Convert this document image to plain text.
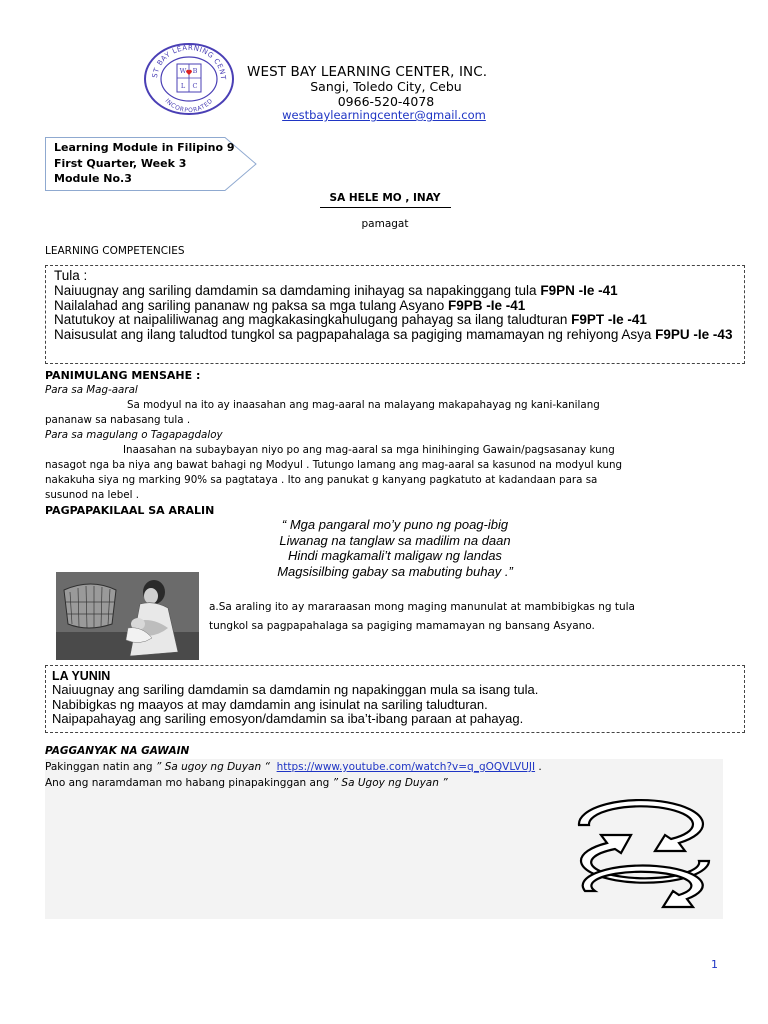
ST BAY LEARNING CENT
INCORPORATED
W B
L C
WEST BAY LEARNING CENTER, INC.
Sangi, Toledo City, Cebu
0966-520-4078
westbaylearningcenter@gmail.com
Learning Module in Filipino 9
First Quarter, Week 3
Module No.3
SA HELE MO , INAY
pamagat
LEARNING COMPETENCIES
Tula :
Naiuugnay ang sariling damdamin sa damdaming inihayag sa napakinggang tula F9PN -Ie -41
Nailalahad ang sariling pananaw ng paksa sa mga tulang Asyano F9PB -Ie -41
Natutukoy at naipaliliwanag ang magkakasingkahulugang pahayag sa ilang taludturan F9PT -Ie -41
Naisusulat ang ilang taludtod tungkol sa pagpapahalaga sa pagiging mamamayan ng rehiyong Asya F9PU -Ie -43
PANIMULANG MENSAHE :
Para sa Mag-aaral
Sa modyul na ito ay inaasahan ang mag-aaral na malayang makapahayag ng kani-kanilang
pananaw sa nabasang tula .
Para sa magulang o Tagapagdaloy
Inaasahan na subaybayan niyo po ang mag-aaral sa mga hinihinging Gawain/pagsasanay kung
nasagot nga ba niya ang bawat bahagi ng Modyul . Tutungo lamang ang mag-aaral sa kasunod na modyul kung
nakakuha siya ng marking 90% sa pagtataya . Ito ang panukat g kanyang pagkatuto at kadandaan para sa
susunod na lebel .
PAGPAPAKILAAL SA ARALIN
“ Mga pangaral mo’y puno ng poag-ibig
Liwanag na tanglaw sa madilim na daan
Hindi magkamali’t maligaw ng landas
Magsisilbing gabay sa mabuting buhay .”
a.Sa araling ito ay mararaasan mong maging manunulat at mambibigkas ng tula
tungkol sa pagpapahalaga sa pagiging mamamayan ng bansang Asyano.
LA YUNIN
Naiuugnay ang sariling damdamin sa damdamin ng napakinggan mula sa isang tula.
Nabibigkas ng maayos at may damdamin ang isinulat na sariling taludturan.
Naipapahayag ang sariling emosyon/damdamin sa iba’t-ibang paraan at pahayag.
PAGGANYAK NA GAWAIN
Pakinggan natin ang ” Sa ugoy ng Duyan “ https://www.youtube.com/watch?v=q_gOQVLVUJI .
Ano ang naramdaman mo habang pinapakinggan ang ” Sa Ugoy ng Duyan ”
1
